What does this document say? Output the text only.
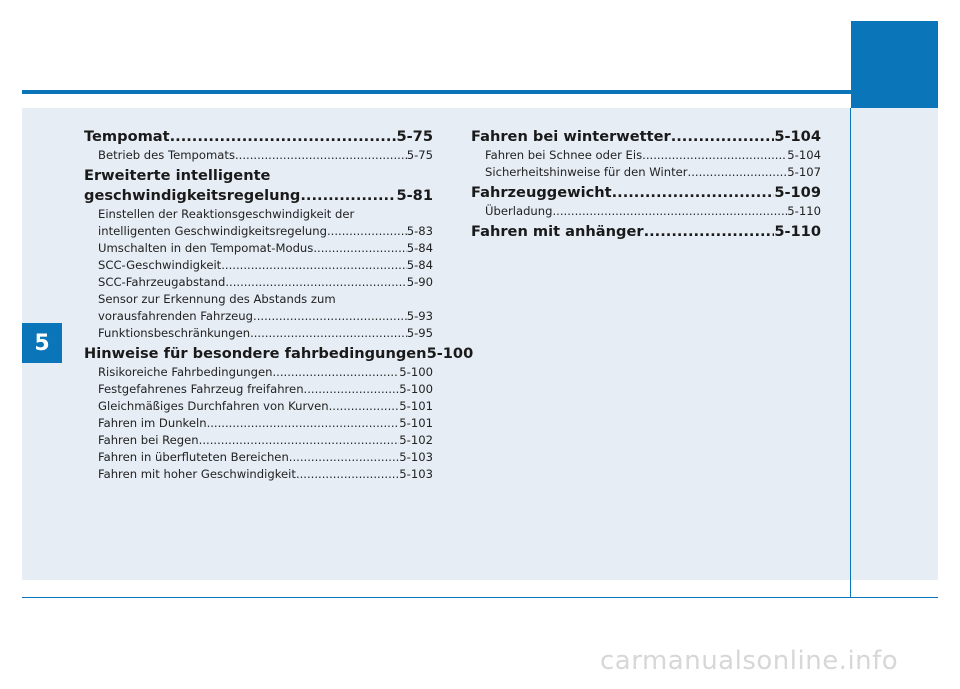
5
Tempomat .....	5-75
Betrieb des Tempomats .....	5-75
Erweiterte intelligente
geschwindigkeitsregelung .....	5-81
Einstellen der Reaktionsgeschwindigkeit der
intelligenten Geschwindigkeitsregelung .....	5-83
Umschalten in den Tempomat-Modus .....	5-84
SCC-Geschwindigkeit .....	5-84
SCC-Fahrzeugabstand .....	5-90
Sensor zur Erkennung des Abstands zum
vorausfahrenden Fahrzeug .....	5-93
Funktionsbeschränkungen .....	5-95
Hinweise für besondere fahrbedingungen 5-100
Risikoreiche Fahrbedingungen .....	5-100
Festgefahrenes Fahrzeug freifahren .....	5-100
Gleichmäßiges Durchfahren von Kurven .....	5-101
Fahren im Dunkeln .....	5-101
Fahren bei Regen .....	5-102
Fahren in überfluteten Bereichen .....	5-103
Fahren mit hoher Geschwindigkeit .....	5-103
Fahren bei winterwetter .....	5-104
Fahren bei Schnee oder Eis .....	5-104
Sicherheitshinweise für den Winter .....	5-107
Fahrzeuggewicht .....	5-109
Überladung .....	5-110
Fahren mit anhänger .....	5-110
carmanualsonline.info
